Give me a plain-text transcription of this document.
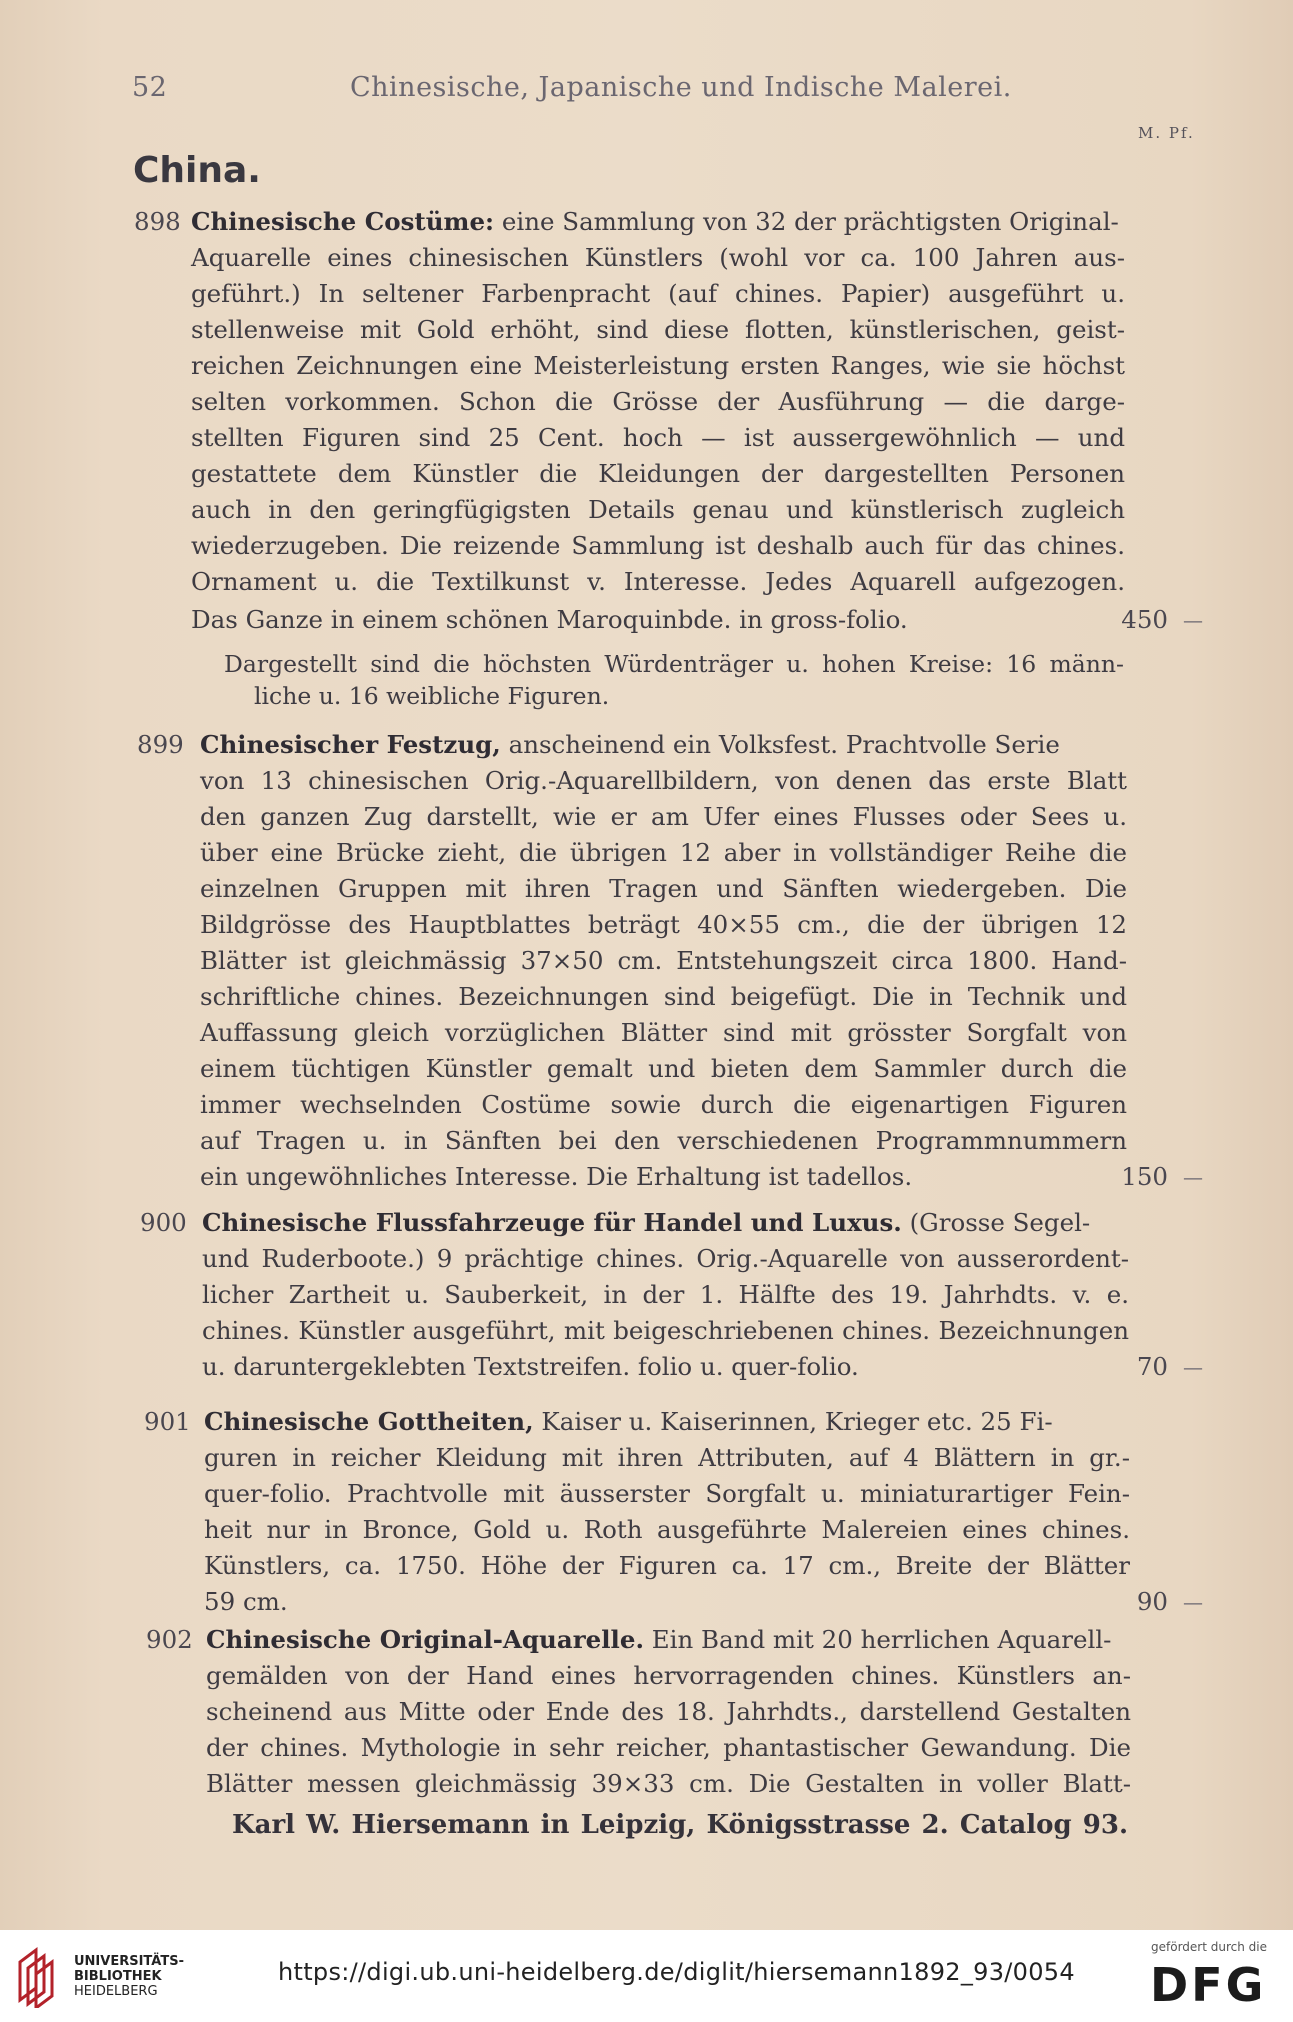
52	Chinesische, Japanische und Indische Malerei.
M. Pf.
China.
898 Chinesische Costüme: eine Sammlung von 32 der prächtigsten Original-
Aquarelle eines chinesischen Künstlers (wohl vor ca. 100 Jahren aus-
geführt.) In seltener Farbenpracht (auf chines. Papier) ausgeführt u.
stellenweise mit Gold erhöht, sind diese flotten, künstlerischen, geist-
reichen Zeichnungen eine Meisterleistung ersten Ranges, wie sie höchst
selten vorkommen. Schon die Grösse der Ausführung — die darge-
stellten Figuren sind 25 Cent. hoch — ist aussergewöhnlich — und
gestattete dem Künstler die Kleidungen der dargestellten Personen
auch in den geringfügigsten Details genau und künstlerisch zugleich
wiederzugeben. Die reizende Sammlung ist deshalb auch für das chines.
Ornament u. die Textilkunst v. Interesse. Jedes Aquarell aufgezogen.
Das Ganze in einem schönen Maroquinbde. in gross-folio.	450 —
Dargestellt sind die höchsten Würdenträger u. hohen Kreise: 16 männ-
liche u. 16 weibliche Figuren.
899 Chinesischer Festzug, anscheinend ein Volksfest. Prachtvolle Serie
von 13 chinesischen Orig.-Aquarellbildern, von denen das erste Blatt
den ganzen Zug darstellt, wie er am Ufer eines Flusses oder Sees u.
über eine Brücke zieht, die übrigen 12 aber in vollständiger Reihe die
einzelnen Gruppen mit ihren Tragen und Sänften wiedergeben. Die
Bildgrösse des Hauptblattes beträgt 40×55 cm., die der übrigen 12
Blätter ist gleichmässig 37×50 cm. Entstehungszeit circa 1800. Hand-
schriftliche chines. Bezeichnungen sind beigefügt. Die in Technik und
Auffassung gleich vorzüglichen Blätter sind mit grösster Sorgfalt von
einem tüchtigen Künstler gemalt und bieten dem Sammler durch die
immer wechselnden Costüme sowie durch die eigenartigen Figuren
auf Tragen u. in Sänften bei den verschiedenen Programmnummern
ein ungewöhnliches Interesse. Die Erhaltung ist tadellos.	150 —
900 Chinesische Flussfahrzeuge für Handel und Luxus. (Grosse Segel-
und Ruderboote.) 9 prächtige chines. Orig.-Aquarelle von ausserordent-
licher Zartheit u. Sauberkeit, in der 1. Hälfte des 19. Jahrhdts. v. e.
chines. Künstler ausgeführt, mit beigeschriebenen chines. Bezeichnungen
u. daruntergeklebten Textstreifen. folio u. quer-folio.	70 —
901 Chinesische Gottheiten, Kaiser u. Kaiserinnen, Krieger etc. 25 Fi-
guren in reicher Kleidung mit ihren Attributen, auf 4 Blättern in gr.-
quer-folio. Prachtvolle mit äusserster Sorgfalt u. miniaturartiger Fein-
heit nur in Bronce, Gold u. Roth ausgeführte Malereien eines chines.
Künstlers, ca. 1750. Höhe der Figuren ca. 17 cm., Breite der Blätter
59 cm.	90 —
902 Chinesische Original-Aquarelle. Ein Band mit 20 herrlichen Aquarell-
gemälden von der Hand eines hervorragenden chines. Künstlers an-
scheinend aus Mitte oder Ende des 18. Jahrhdts., darstellend Gestalten
der chines. Mythologie in sehr reicher, phantastischer Gewandung. Die
Blätter messen gleichmässig 39×33 cm. Die Gestalten in voller Blatt-
Karl W. Hiersemann in Leipzig, Königsstrasse 2. Catalog 93.
UNIVERSITÄTS-
BIBLIOTHEK
HEIDELBERG
https://digi.ub.uni-heidelberg.de/diglit/hiersemann1892_93/0054
gefördert durch die
DFG
